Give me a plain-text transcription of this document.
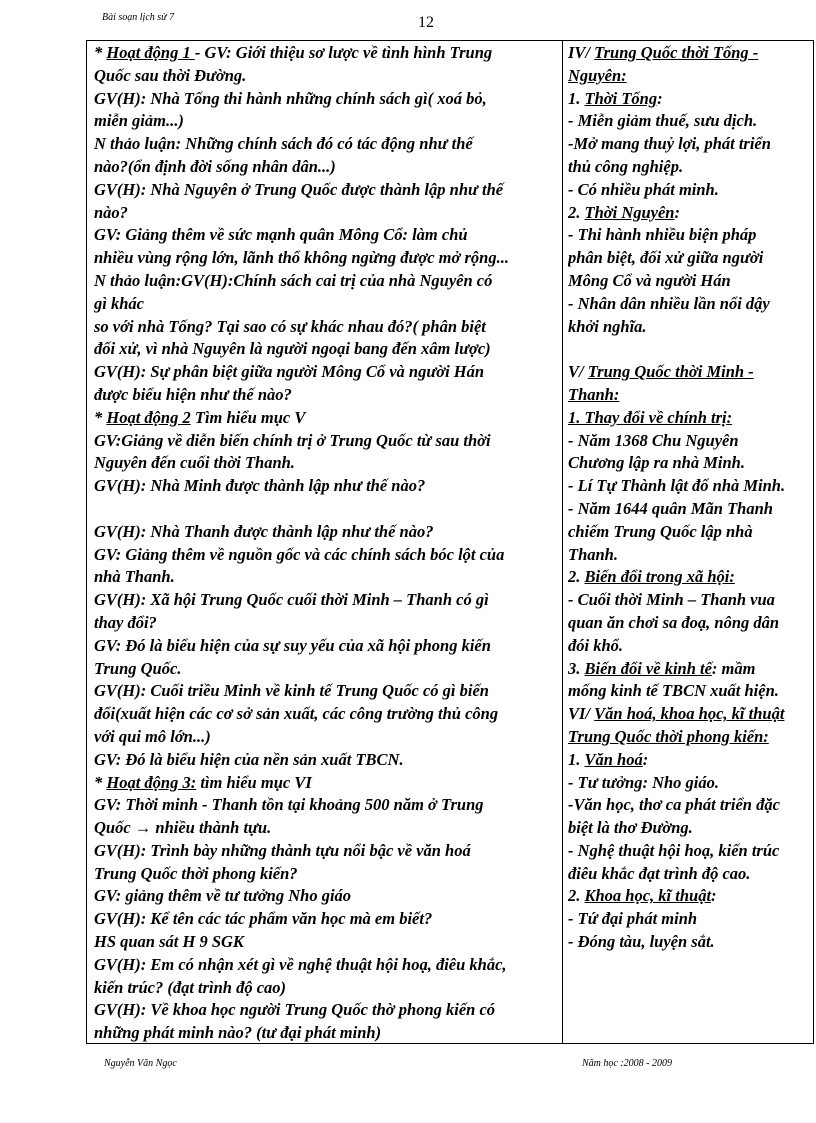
Bài soạn lịch sử 7	12
* Hoạt động 1 - GV: Giới thiệu sơ lược về tình hình Trung
Quốc sau thời Đường.
GV(H): Nhà Tống thi hành những chính sách gì( xoá bỏ,
miễn giảm...)
N thảo luận: Những chính sách đó có tác động như thế
nào?(ổn định đời sống nhân dân...)
GV(H): Nhà Nguyên ở Trung Quốc được thành lập như thế
nào?
GV: Giảng thêm về sức mạnh quân Mông Cổ: làm chủ
nhiều vùng rộng lớn, lãnh thổ không ngừng được mở rộng...
N thảo luận:GV(H):Chính sách cai trị của nhà Nguyên có
gì khác
so với nhà Tống? Tại sao có sự khác nhau đó?( phân biệt
đối xử, vì nhà Nguyên là người ngoại bang đến xâm lược)
GV(H): Sự phân biệt giữa người Mông Cổ và người Hán
được biểu hiện như thế nào?
* Hoạt động 2 Tìm hiểu mục V
GV:Giảng về diễn biến chính trị ở Trung Quốc từ sau thời
Nguyên đến cuối thời Thanh.
GV(H): Nhà Minh được thành lập như thế nào?
GV(H): Nhà Thanh được thành lập như thế nào?
GV: Giảng thêm về nguồn gốc và các chính sách bóc lột của
nhà Thanh.
GV(H): Xã hội Trung Quốc cuối thời Minh – Thanh có gì
thay đổi?
GV: Đó là biểu hiện của sự suy yếu của xã hội phong kiến
Trung Quốc.
GV(H): Cuối triều Minh về kinh tế Trung Quốc có gì biến
đổi(xuất hiện các cơ sở sản xuất, các công trường thủ công
với qui mô lớn...)
GV: Đó là biểu hiện của nền sản xuất TBCN.
* Hoạt động 3: tìm hiểu mục VI
GV: Thời minh - Thanh tồn tại khoảng 500 năm ở Trung
Quốc → nhiều thành tựu.
GV(H): Trình bày những thành tựu nổi bậc về văn hoá
Trung Quốc thời phong kiến?
GV: giảng thêm về tư tưởng Nho giáo
GV(H): Kể tên các tác phẩm văn học mà em biết?
HS quan sát H 9 SGK
GV(H): Em có nhận xét gì về nghệ thuật hội hoạ, điêu khắc,
kiến trúc? (đạt trình độ cao)
GV(H): Về khoa học người Trung Quốc thờ phong kiến có
những phát minh nào? (tư đại phát minh)
IV/ Trung Quốc thời Tống -
Nguyên:
1. Thời Tống:
- Miễn giảm thuế, sưu dịch.
-Mở mang thuỷ lợi, phát triển
thủ công nghiệp.
- Có nhiều phát minh.
2. Thời Nguyên:
- Thi hành nhiều biện pháp
phân biệt, đối xử giữa người
Mông Cổ và người Hán
- Nhân dân nhiều lần nổi dậy
khởi nghĩa.
V/ Trung Quốc thời Minh -
Thanh:
1. Thay đổi về chính trị:
- Năm 1368 Chu Nguyên
Chương lập ra nhà Minh.
- Lí Tự Thành lật đổ nhà Minh.
- Năm 1644 quân Mãn Thanh
chiếm Trung Quốc lập nhà
Thanh.
2. Biến đổi trong xã hội:
- Cuối thời Minh – Thanh vua
quan ăn chơi sa đoạ, nông dân
đói khổ.
3. Biến đổi về kinh tế: mầm
mống kinh tế TBCN xuất hiện.
VI/ Văn hoá, khoa học, kĩ thuật
Trung Quốc thời phong kiến:
1. Văn hoá:
- Tư tưởng: Nho giáo.
-Văn học, thơ ca phát triển đặc
biệt là thơ Đường.
- Nghệ thuật hội hoạ, kiến trúc
điêu khắc đạt trình độ cao.
2. Khoa học, kĩ thuật:
- Tứ đại phát minh
- Đóng tàu, luyện sắt.
Nguyễn Văn Ngọc	Năm học :2008 - 2009
